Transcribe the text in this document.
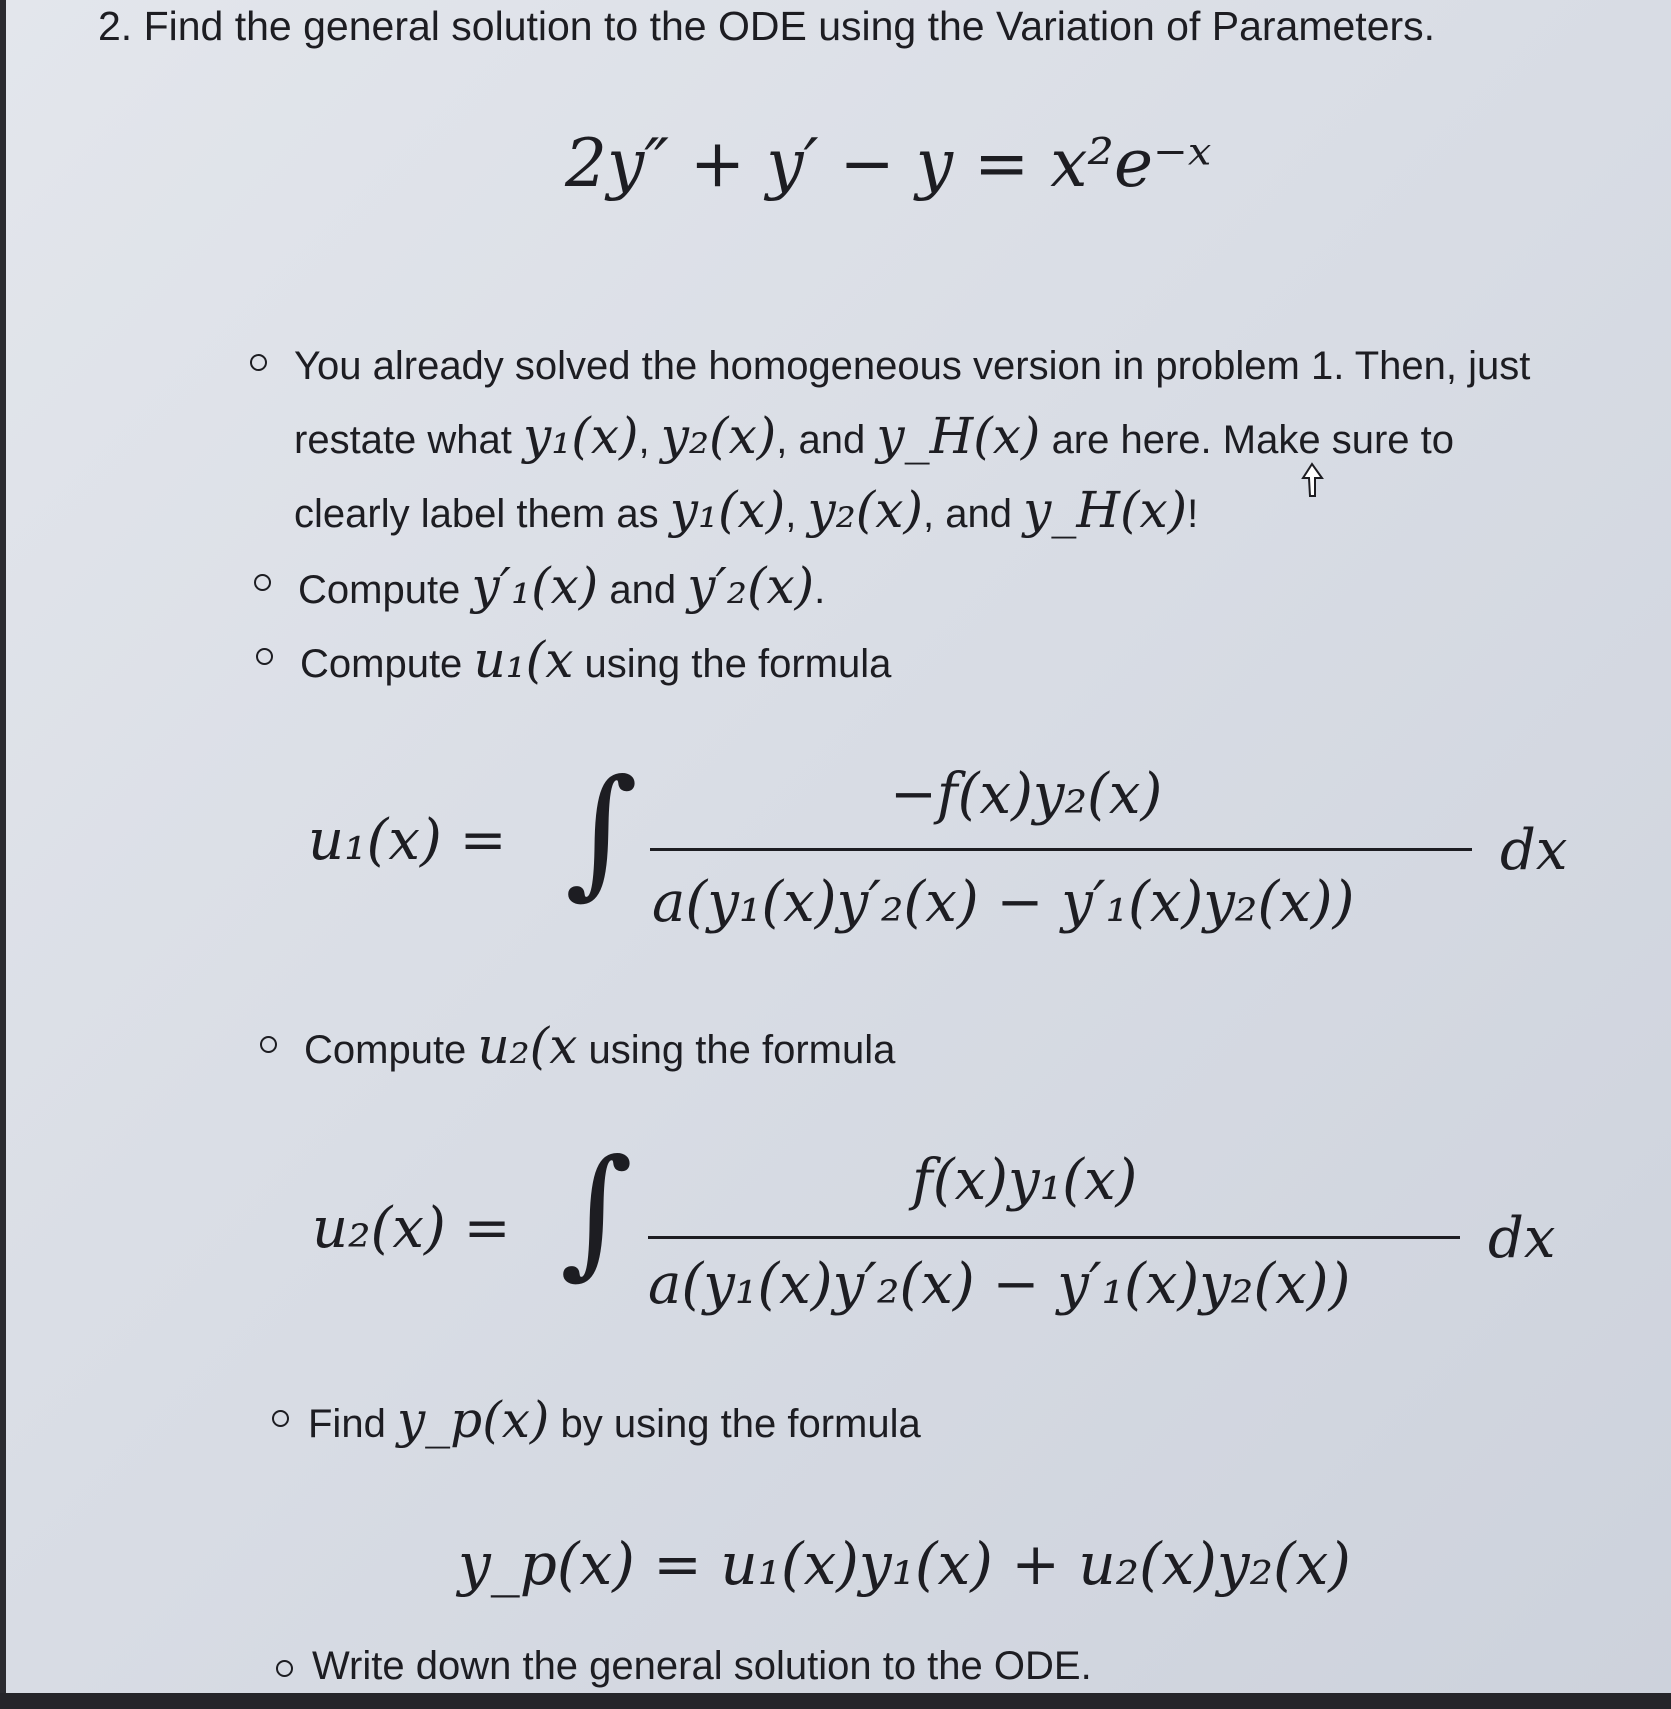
2. Find the general solution to the ODE using the Variation of Parameters.
2y″ + y′ − y = x²e⁻ˣ
You already solved the homogeneous version in problem 1. Then, just
restate what y₁(x), y₂(x), and y_H(x) are here. Make sure to
clearly label them as y₁(x), y₂(x), and y_H(x)!
Compute y′₁(x) and y′₂(x).
Compute u₁(x using the formula
u₁(x) = ∫	−f(x)y₂(x)
a(y₁(x)y′₂(x) − y′₁(x)y₂(x))
dx
Compute u₂(x using the formula
u₂(x) = ∫	f(x)y₁(x)
a(y₁(x)y′₂(x) − y′₁(x)y₂(x))
dx
Find y_p(x) by using the formula
y_p(x) = u₁(x)y₁(x) + u₂(x)y₂(x)
Write down the general solution to the ODE.
